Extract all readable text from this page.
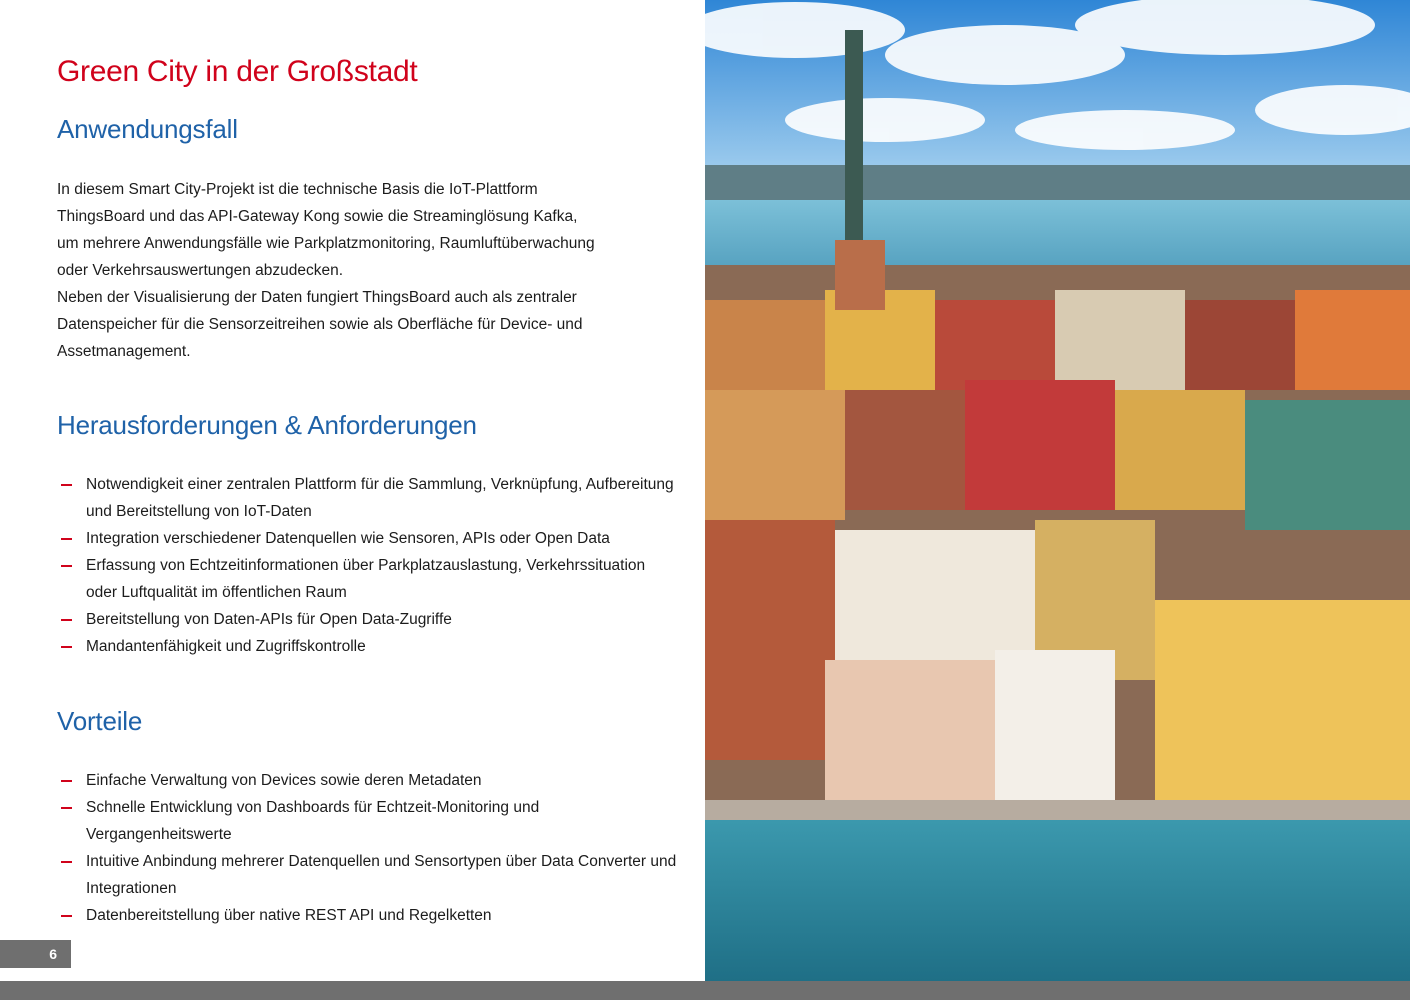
Green City in der Großstadt
Anwendungsfall

In diesem Smart City-Projekt ist die technische Basis die IoT-Plattform
ThingsBoard und das API-Gateway Kong sowie die Streaminglösung Kafka,
um mehrere Anwendungsfälle wie Parkplatzmonitoring, Raumluftüberwachung
oder Verkehrsauswertungen abzudecken.
Neben der Visualisierung der Daten fungiert ThingsBoard auch als zentraler
Datenspeicher für die Sensorzeitreihen sowie als Oberfläche für Device- und
Assetmanagement.

Herausforderungen & Anforderungen
Notwendigkeit einer zentralen Plattform für die Sammlung, Verknüpfung, Aufbereitung und Bereitstellung von IoT-Daten
Integration verschiedener Datenquellen wie Sensoren, APIs oder Open Data
Erfassung von Echtzeitinformationen über Parkplatzauslastung, Verkehrssituation oder Luftqualität im öffentlichen Raum
Bereitstellung von Daten-APIs für Open Data-Zugriffe
Mandantenfähigkeit und Zugriffskontrolle
Vorteile
Einfache Verwaltung von Devices sowie deren Metadaten
Schnelle Entwicklung von Dashboards für Echtzeit-Monitoring und Vergangenheitswerte
Intuitive Anbindung mehrerer Datenquellen und Sensortypen über Data Converter und Integrationen
Datenbereitstellung über native REST API und Regelketten
6
